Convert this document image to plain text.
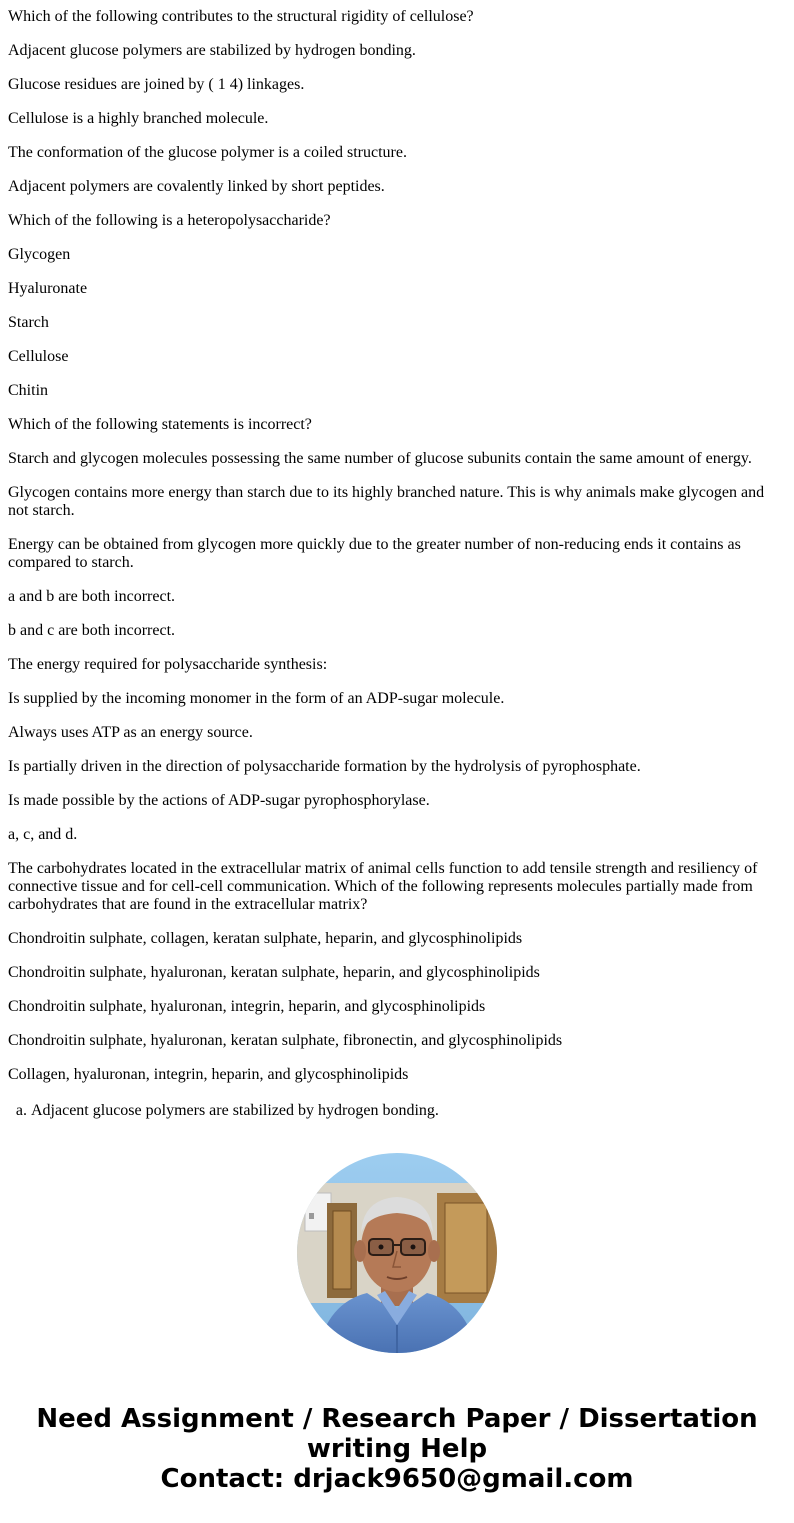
Which of the following contributes to the structural rigidity of cellulose?

Adjacent glucose polymers are stabilized by hydrogen bonding.

Glucose residues are joined by ( 1 4) linkages.

Cellulose is a highly branched molecule.

The conformation of the glucose polymer is a coiled structure.

Adjacent polymers are covalently linked by short peptides.

Which of the following is a heteropolysaccharide?

Glycogen

Hyaluronate

Starch

Cellulose

Chitin

Which of the following statements is incorrect?

Starch and glycogen molecules possessing the same number of glucose subunits contain the same amount of energy.

Glycogen contains more energy than starch due to its highly branched nature. This is why animals make glycogen and not starch.

Energy can be obtained from glycogen more quickly due to the greater number of non-reducing ends it contains as compared to starch.

a and b are both incorrect.

b and c are both incorrect.

The energy required for polysaccharide synthesis:

Is supplied by the incoming monomer in the form of an ADP-sugar molecule.

Always uses ATP as an energy source.

Is partially driven in the direction of polysaccharide formation by the hydrolysis of pyrophosphate.

Is made possible by the actions of ADP-sugar pyrophosphorylase.

a, c, and d.

The carbohydrates located in the extracellular matrix of animal cells function to add tensile strength and resiliency of connective tissue and for cell-cell communication. Which of the following represents molecules partially made from carbohydrates that are found in the extracellular matrix?

Chondroitin sulphate, collagen, keratan sulphate, heparin, and glycosphinolipids

Chondroitin sulphate, hyaluronan, keratan sulphate, heparin, and glycosphinolipids

Chondroitin sulphate, hyaluronan, integrin, heparin, and glycosphinolipids

Chondroitin sulphate, hyaluronan, keratan sulphate, fibronectin, and glycosphinolipids

Collagen, hyaluronan, integrin, heparin, and glycosphinolipids

a. Adjacent glucose polymers are stabilized by hydrogen bonding.
Need Assignment / Research Paper / Dissertation
writing Help
Contact: drjack9650@gmail.com
